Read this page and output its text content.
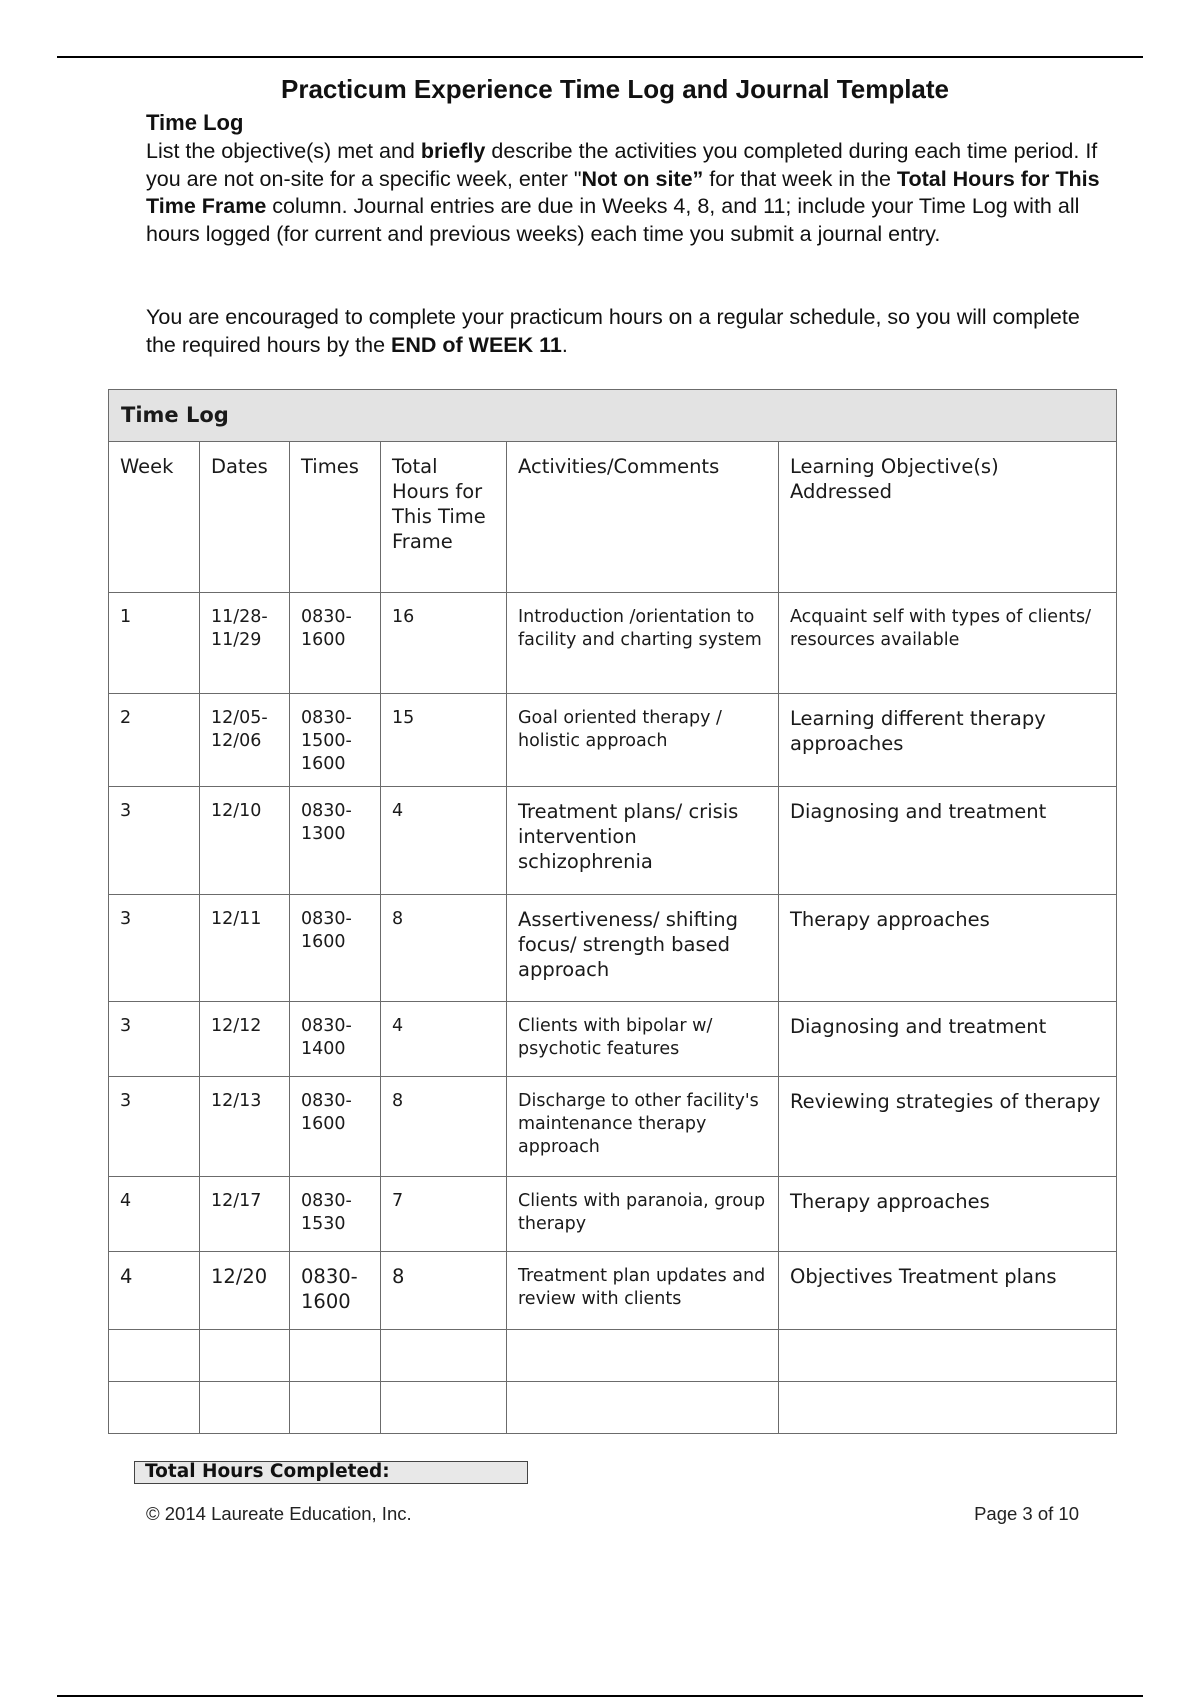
Practicum Experience Time Log and Journal Template
Time Log
List the objective(s) met and briefly describe the activities you completed during each time period. If you are not on-site for a specific week, enter "Not on site” for that week in the Total Hours for This Time Frame column. Journal entries are due in Weeks 4, 8, and 11; include your Time Log with all hours logged (for current and previous weeks) each time you submit a journal entry.
You are encouraged to complete your practicum hours on a regular schedule, so you will complete the required hours by the END of WEEK 11.
Time Log					
Week	Dates	Times	Total Hours for This Time Frame	Activities/Comments	Learning Objective(s) Addressed
1	11/28-11/29	0830-1600	16	Introduction /orientation to facility and charting system	Acquaint self with types of clients/ resources available
2	12/05-12/06	0830-1500-1600	15	Goal oriented therapy / holistic approach	Learning different therapy approaches
3	12/10	0830-1300	4	Treatment plans/ crisis intervention schizophrenia	Diagnosing and treatment
3	12/11	0830-1600	8	Assertiveness/ shifting focus/ strength based approach	Therapy approaches
3	12/12	0830-1400	4	Clients with bipolar w/ psychotic features	Diagnosing and treatment
3	12/13	0830-1600	8	Discharge to other facility's maintenance therapy approach	Reviewing strategies of therapy
4	12/17	0830-1530	7	Clients with paranoia, group therapy	Therapy approaches
4	12/20	0830-1600	8	Treatment plan updates and review with clients	Objectives Treatment plans

Total Hours Completed:
© 2014 Laureate Education, Inc.	Page 3 of 10
